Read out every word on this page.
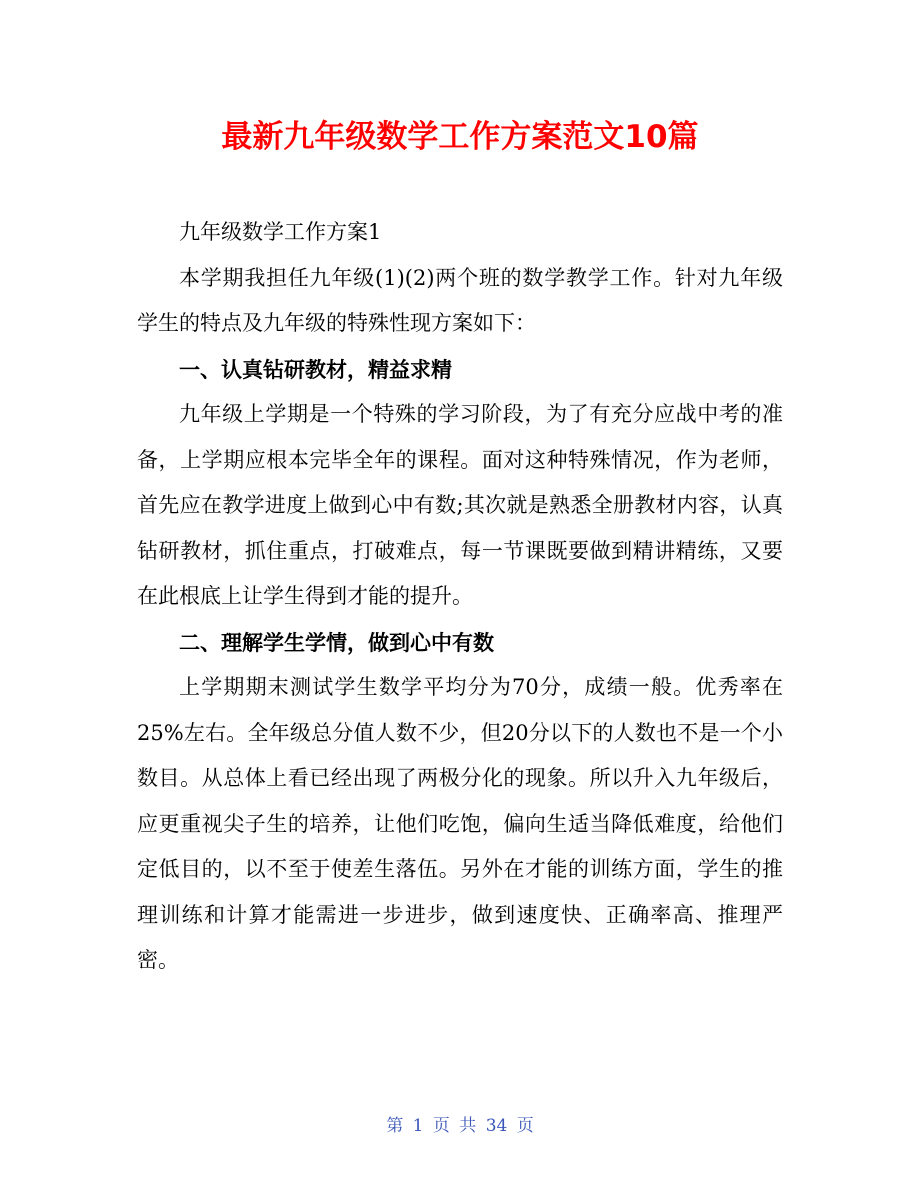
最新九年级数学工作方案范文10篇

九年级数学工作方案1

本学期我担任九年级(1)(2)两个班的数学教学工作。针对九年级学生的特点及九年级的特殊性现方案如下：

一、认真钻研教材，精益求精

九年级上学期是一个特殊的学习阶段，为了有充分应战中考的准备，上学期应根本完毕全年的课程。面对这种特殊情况，作为老师，首先应在教学进度上做到心中有数;其次就是熟悉全册教材内容，认真钻研教材，抓住重点，打破难点，每一节课既要做到精讲精练，又要在此根底上让学生得到才能的提升。

二、理解学生学情，做到心中有数

上学期期末测试学生数学平均分为70分，成绩一般。优秀率在25%左右。全年级总分值人数不少，但20分以下的人数也不是一个小数目。从总体上看已经出现了两极分化的现象。所以升入九年级后，应更重视尖子生的培养，让他们吃饱，偏向生适当降低难度，给他们定低目的，以不至于使差生落伍。另外在才能的训练方面，学生的推理训练和计算才能需进一步进步，做到速度快、正确率高、推理严密。

第 1 页 共 34 页
